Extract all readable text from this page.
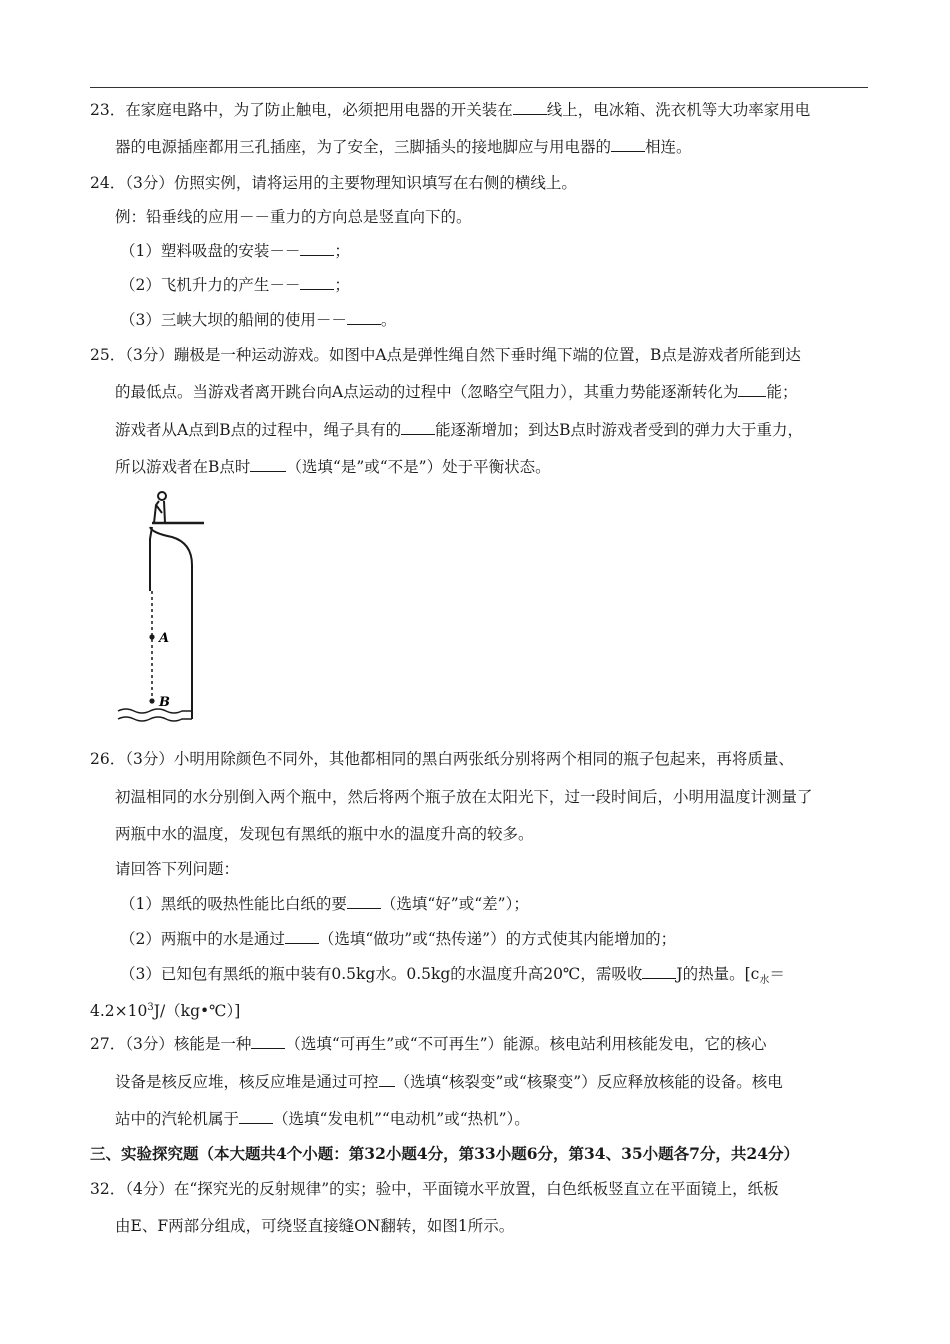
23．在家庭电路中，为了防止触电，必须把用电器的开关装在 线上，电冰箱、洗衣机等大功率家用电
器的电源插座都用三孔插座，为了安全，三脚插头的接地脚应与用电器的 相连。
24．（3分）仿照实例，请将运用的主要物理知识填写在右侧的横线上。
例：铅垂线的应用－－重力的方向总是竖直向下的。
（1）塑料吸盘的安装－－ ；
（2）飞机升力的产生－－ ；
（3）三峡大坝的船闸的使用－－ 。
25．（3分）蹦极是一种运动游戏。如图中A点是弹性绳自然下垂时绳下端的位置，B点是游戏者所能到达
的最低点。当游戏者离开跳台向A点运动的过程中（忽略空气阻力），其重力势能逐渐转化为 能；
游戏者从A点到B点的过程中，绳子具有的 能逐渐增加；到达B点时游戏者受到的弹力大于重力，
所以游戏者在B点时 （选填“是”或“不是”）处于平衡状态。
A
B
26．（3分）小明用除颜色不同外，其他都相同的黑白两张纸分别将两个相同的瓶子包起来，再将质量、
初温相同的水分别倒入两个瓶中，然后将两个瓶子放在太阳光下，过一段时间后，小明用温度计测量了
两瓶中水的温度，发现包有黑纸的瓶中水的温度升高的较多。
请回答下列问题：
（1）黑纸的吸热性能比白纸的要 （选填“好”或“差”）；
（2）两瓶中的水是通过 （选填“做功”或“热传递”）的方式使其内能增加的；
（3）已知包有黑纸的瓶中装有0.5kg水。0.5kg的水温度升高20℃，需吸收 J的热量。[$c_水=$
$4.2\times 10^3J/(kg•℃)$]
27．（3分）核能是一种 （选填“可再生”或“不可再生”）能源。核电站利用核能发电，它的核心
设备是核反应堆，核反应堆是通过可控 （选填“核裂变”或“核聚变”）反应释放核能的设备。核电
站中的汽轮机属于 （选填“发电机”“电动机”或“热机”）。
三、实验探究题（本大题共4个小题：第32小题4分，第33小题6分，第34、35小题各7分，共24分）
32．（4分）在“探究光的反射规律”的实；验中，平面镜水平放置，白色纸板竖直立在平面镜上，纸板
由E、F两部分组成，可绕竖直接缝ON翻转，如图1所示。
